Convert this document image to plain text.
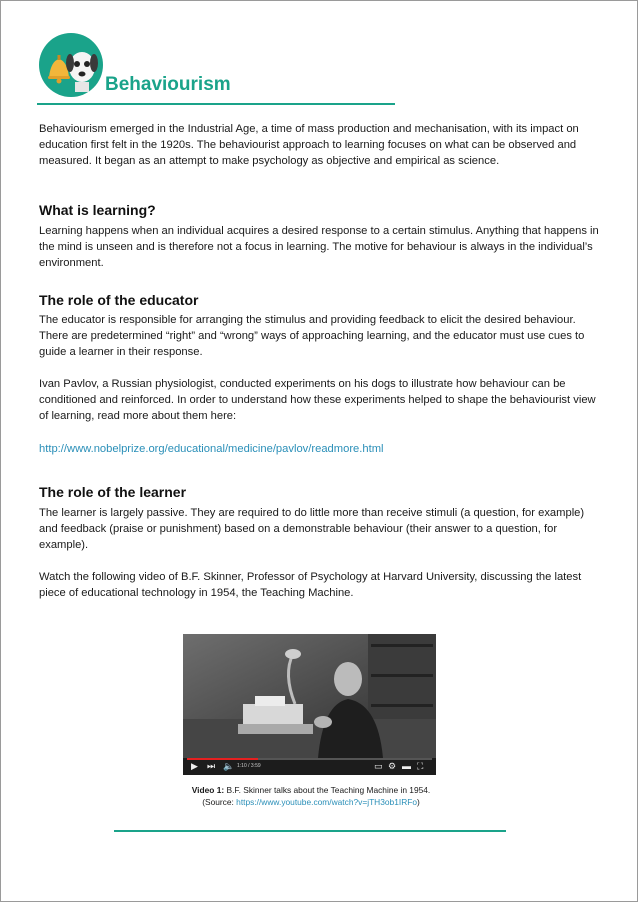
Behaviourism

Behaviourism emerged in the Industrial Age, a time of mass production and mechanisation, with its impact on education first felt in the 1920s. The behaviourist approach to learning focuses on what can be observed and measured. It began as an attempt to make psychology as objective and empirical as science.

What is learning?

Learning happens when an individual acquires a desired response to a certain stimulus. Anything that happens in the mind is unseen and is therefore not a focus in learning. The motive for behaviour is always in the individual’s environment.

The role of the educator

The educator is responsible for arranging the stimulus and providing feedback to elicit the desired behaviour. There are predetermined “right” and “wrong” ways of approaching learning, and the educator must use cues to guide a learner in their response.

Ivan Pavlov, a Russian physiologist, conducted experiments on his dogs to illustrate how behaviour can be conditioned and reinforced. In order to understand how these experiments helped to shape the behaviourist view of learning, read more about them here:

http://www.nobelprize.org/educational/medicine/pavlov/readmore.html
The role of the learner

The learner is largely passive. They are required to do little more than receive stimuli (a question, for example) and feedback (praise or punishment) based on a demonstrable behaviour (their answer to a question, for example).

Watch the following video of B.F. Skinner, Professor of Psychology at Harvard University, discussing the latest piece of educational technology in 1954, the Teaching Machine.

▶ ⏭ 🔈 1:10 / 3:59	▭ ⚙ ▬ ⛶
Video 1: B.F. Skinner talks about the Teaching Machine in 1954.
(Source: https://www.youtube.com/watch?v=jTH3ob1IRFo)
